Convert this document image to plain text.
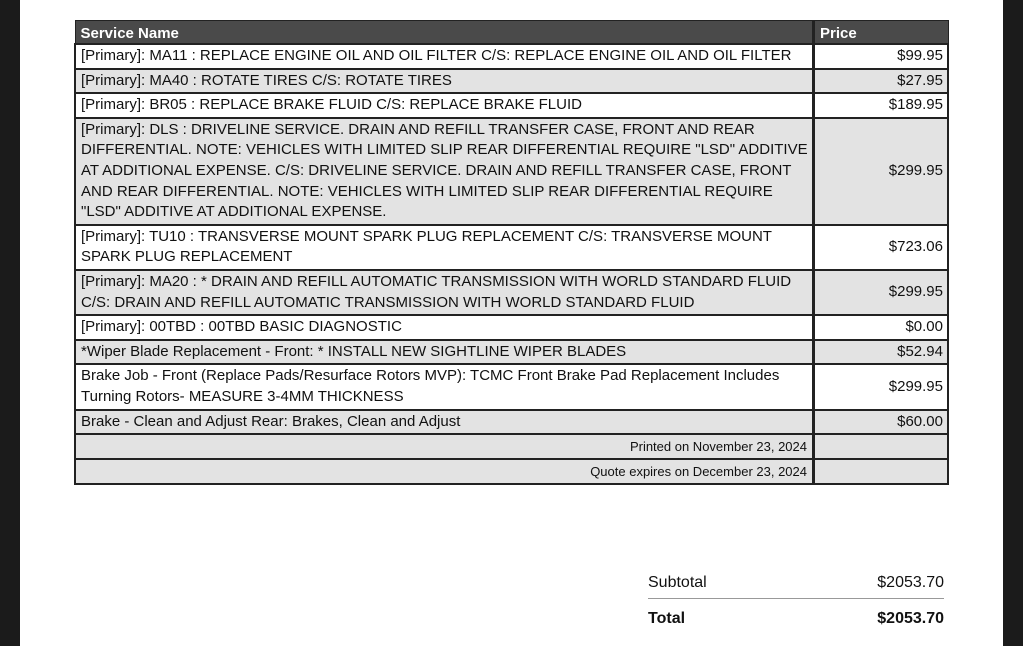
Service Name	Price
[Primary]: MA11 : REPLACE ENGINE OIL AND OIL FILTER C/S: REPLACE ENGINE OIL AND OIL FILTER	$99.95
[Primary]: MA40 : ROTATE TIRES C/S: ROTATE TIRES	$27.95
[Primary]: BR05 : REPLACE BRAKE FLUID C/S: REPLACE BRAKE FLUID	$189.95
[Primary]: DLS : DRIVELINE SERVICE. DRAIN AND REFILL TRANSFER CASE, FRONT AND REAR DIFFERENTIAL. NOTE: VEHICLES WITH LIMITED SLIP REAR DIFFERENTIAL REQUIRE "LSD" ADDITIVE AT ADDITIONAL EXPENSE. C/S: DRIVELINE SERVICE. DRAIN AND REFILL TRANSFER CASE, FRONT AND REAR DIFFERENTIAL. NOTE: VEHICLES WITH LIMITED SLIP REAR DIFFERENTIAL REQUIRE "LSD" ADDITIVE AT ADDITIONAL EXPENSE.	$299.95
[Primary]: TU10 : TRANSVERSE MOUNT SPARK PLUG REPLACEMENT C/S: TRANSVERSE MOUNT SPARK PLUG REPLACEMENT	$723.06
[Primary]: MA20 : * DRAIN AND REFILL AUTOMATIC TRANSMISSION WITH WORLD STANDARD FLUID C/S: DRAIN AND REFILL AUTOMATIC TRANSMISSION WITH WORLD STANDARD FLUID	$299.95
[Primary]: 00TBD : 00TBD BASIC DIAGNOSTIC	$0.00
*Wiper Blade Replacement - Front: * INSTALL NEW SIGHTLINE WIPER BLADES	$52.94
Brake Job - Front (Replace Pads/Resurface Rotors MVP): TCMC Front Brake Pad Replacement Includes Turning Rotors- MEASURE 3-4MM THICKNESS	$299.95
Brake - Clean and Adjust Rear: Brakes, Clean and Adjust	$60.00
Printed on November 23, 2024	
Quote expires on December 23, 2024	
Subtotal	$2053.70
Total	$2053.70
